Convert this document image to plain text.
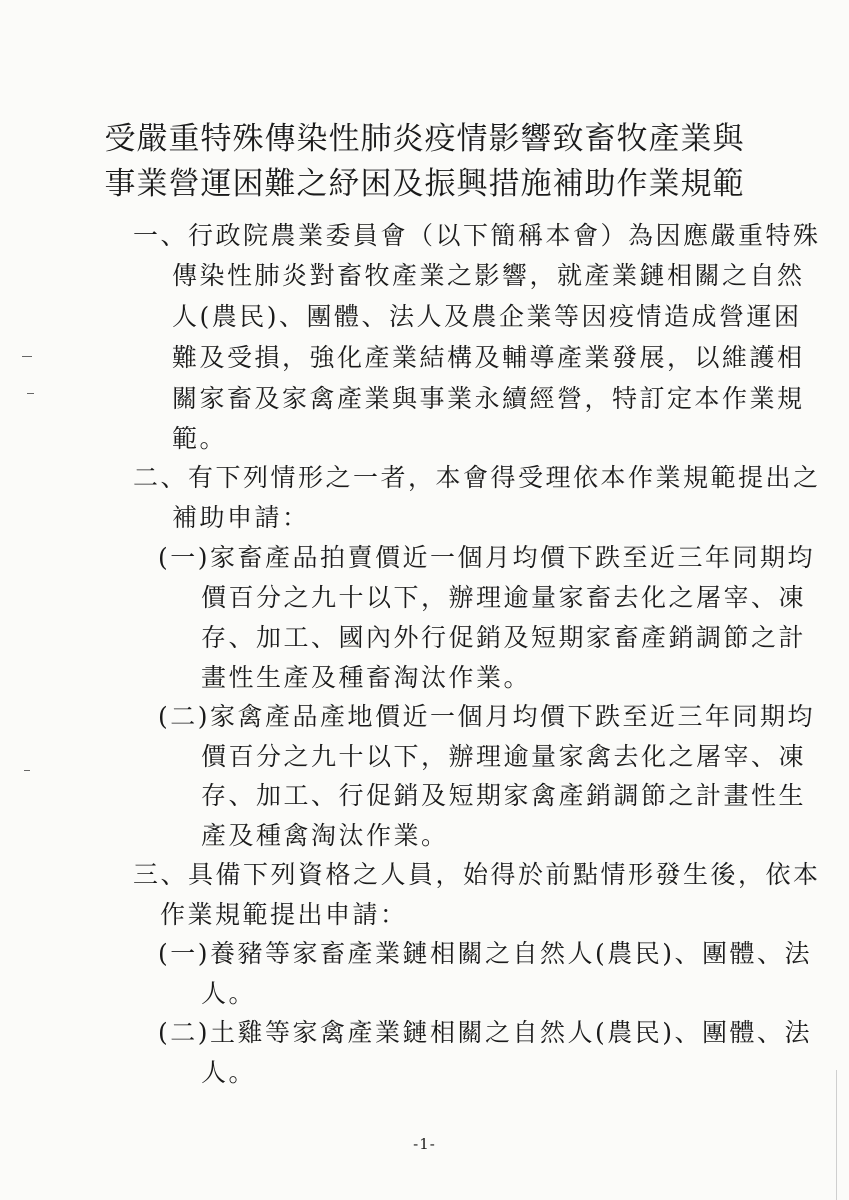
受嚴重特殊傳染性肺炎疫情影響致畜牧產業與
事業營運困難之紓困及振興措施補助作業規範
一、行政院農業委員會（以下簡稱本會）為因應嚴重特殊
傳染性肺炎對畜牧產業之影響，就產業鏈相關之自然
人(農民)、團體、法人及農企業等因疫情造成營運困
難及受損，強化產業結構及輔導產業發展，以維護相
關家畜及家禽產業與事業永續經營，特訂定本作業規
範。
二、有下列情形之一者，本會得受理依本作業規範提出之
補助申請：
(一)家畜產品拍賣價近一個月均價下跌至近三年同期均
價百分之九十以下，辦理逾量家畜去化之屠宰、凍
存、加工、國內外行促銷及短期家畜產銷調節之計
畫性生產及種畜淘汰作業。
(二)家禽產品產地價近一個月均價下跌至近三年同期均
價百分之九十以下，辦理逾量家禽去化之屠宰、凍
存、加工、行促銷及短期家禽產銷調節之計畫性生
產及種禽淘汰作業。
三、具備下列資格之人員，始得於前點情形發生後，依本
作業規範提出申請：
(一)養豬等家畜產業鏈相關之自然人(農民)、團體、法
人。
(二)土雞等家禽產業鏈相關之自然人(農民)、團體、法
人。
-1-
